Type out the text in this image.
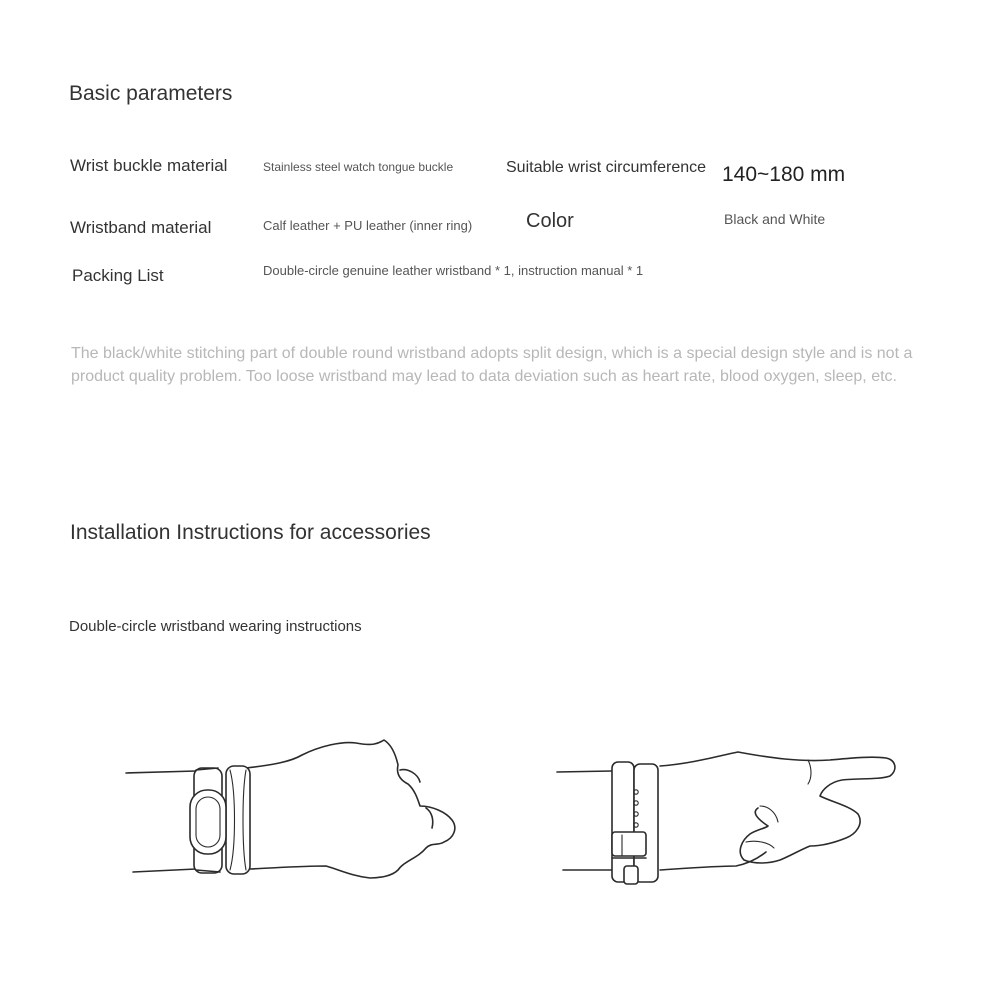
Basic parameters
Wrist buckle material	Stainless steel watch tongue buckle	Suitable wrist circumference 140~180 mm
Wristband material	Calf leather + PU leather (inner ring)	Color	Black and White
Packing List	Double-circle genuine leather wristband * 1, instruction manual * 1
The black/white stitching part of double round wristband adopts split design, which is a special design style and is not a product quality problem. Too loose wristband may lead to data deviation such as heart rate, blood oxygen, sleep, etc.
Installation Instructions for accessories
Double-circle wristband wearing instructions
